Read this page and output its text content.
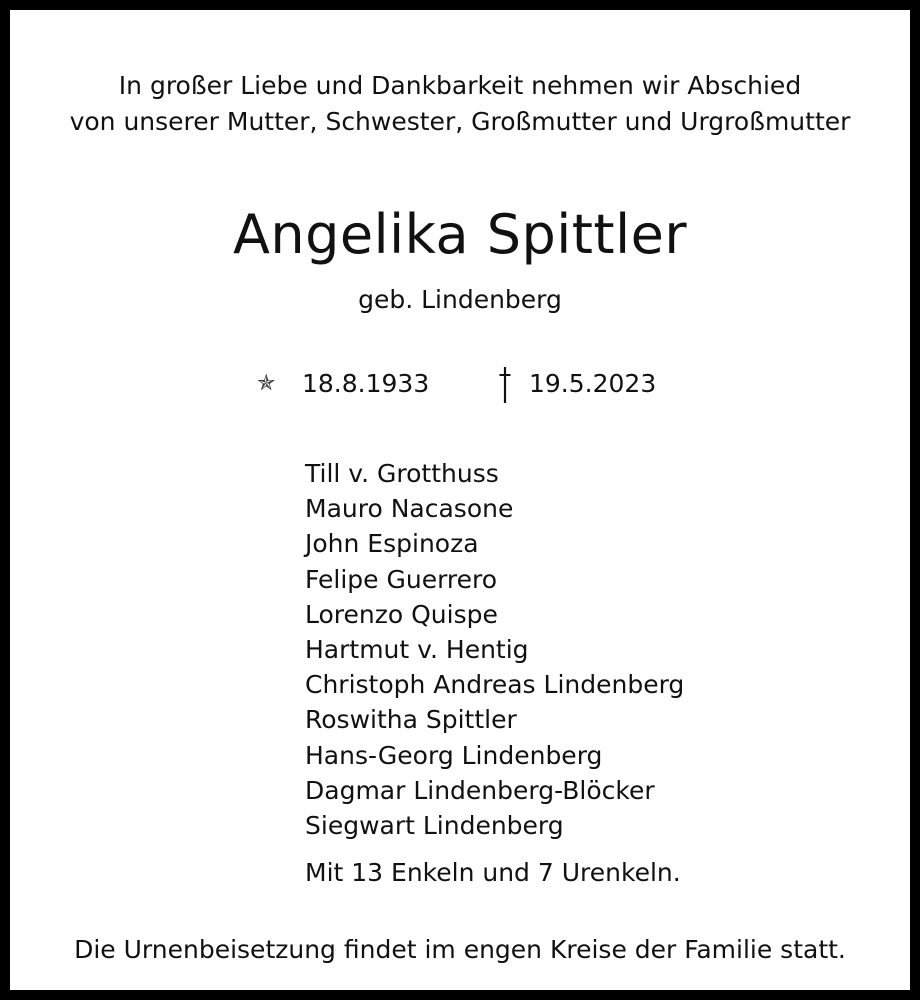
In großer Liebe und Dankbarkeit nehmen wir Abschied
von unserer Mutter, Schwester, Großmutter und Urgroßmutter
Angelika Spittler
geb. Lindenberg
✯ 18.8.1933	19.5.2023
Till v. Grotthuss
Mauro Nacasone
John Espinoza
Felipe Guerrero
Lorenzo Quispe
Hartmut v. Hentig
Christoph Andreas Lindenberg
Roswitha Spittler
Hans-Georg Lindenberg
Dagmar Lindenberg-Blöcker
Siegwart Lindenberg
Mit 13 Enkeln und 7 Urenkeln.
Die Urnenbeisetzung findet im engen Kreise der Familie statt.
